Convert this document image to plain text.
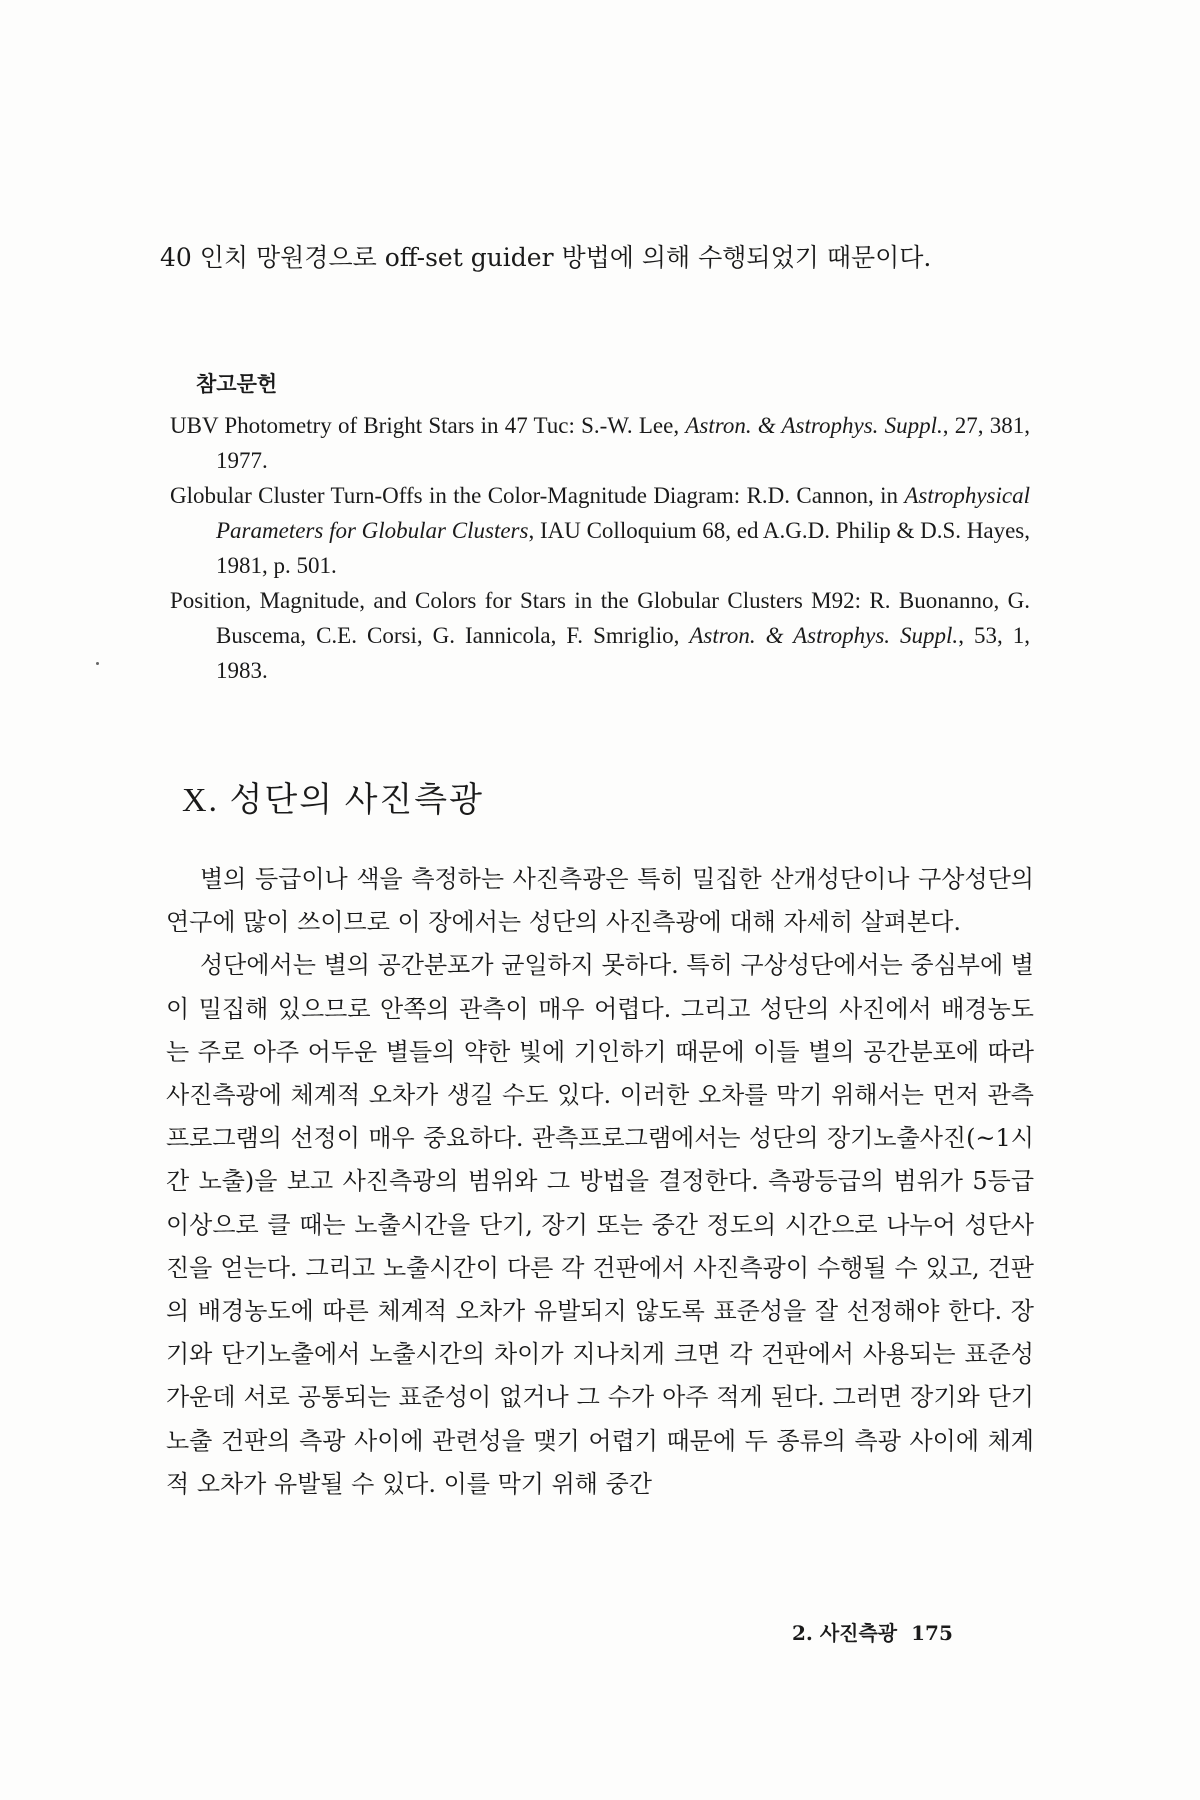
40 인치 망원경으로 off-set guider 방법에 의해 수행되었기 때문이다.
참고문헌
UBV Photometry of Bright Stars in 47 Tuc: S.-W. Lee, Astron. & Astrophys. Suppl., 27, 381, 1977.
Globular Cluster Turn-Offs in the Color-Magnitude Diagram: R.D. Cannon, in Astrophysical Parameters for Globular Clusters, IAU Colloquium 68, ed A.G.D. Philip & D.S. Hayes, 1981, p. 501.
Position, Magnitude, and Colors for Stars in the Globular Clusters M92: R. Buonanno, G. Buscema, C.E. Corsi, G. Iannicola, F. Smriglio, Astron. & Astrophys. Suppl., 53, 1, 1983.
X. 성단의 사진측광

별의 등급이나 색을 측정하는 사진측광은 특히 밀집한 산개성단이나 구상성단의 연구에 많이 쓰이므로 이 장에서는 성단의 사진측광에 대해 자세히 살펴본다.

성단에서는 별의 공간분포가 균일하지 못하다. 특히 구상성단에서는 중심부에 별이 밀집해 있으므로 안쪽의 관측이 매우 어렵다. 그리고 성단의 사진에서 배경농도는 주로 아주 어두운 별들의 약한 빛에 기인하기 때문에 이들 별의 공간분포에 따라 사진측광에 체계적 오차가 생길 수도 있다. 이러한 오차를 막기 위해서는 먼저 관측프로그램의 선정이 매우 중요하다. 관측프로그램에서는 성단의 장기노출사진(~1시간 노출)을 보고 사진측광의 범위와 그 방법을 결정한다. 측광등급의 범위가 5등급 이상으로 클 때는 노출시간을 단기, 장기 또는 중간 정도의 시간으로 나누어 성단사진을 얻는다. 그리고 노출시간이 다른 각 건판에서 사진측광이 수행될 수 있고, 건판의 배경농도에 따른 체계적 오차가 유발되지 않도록 표준성을 잘 선정해야 한다. 장기와 단기노출에서 노출시간의 차이가 지나치게 크면 각 건판에서 사용되는 표준성 가운데 서로 공통되는 표준성이 없거나 그 수가 아주 적게 된다. 그러면 장기와 단기노출 건판의 측광 사이에 관련성을 맺기 어렵기 때문에 두 종류의 측광 사이에 체계적 오차가 유발될 수 있다. 이를 막기 위해 중간

2. 사진측광 175
